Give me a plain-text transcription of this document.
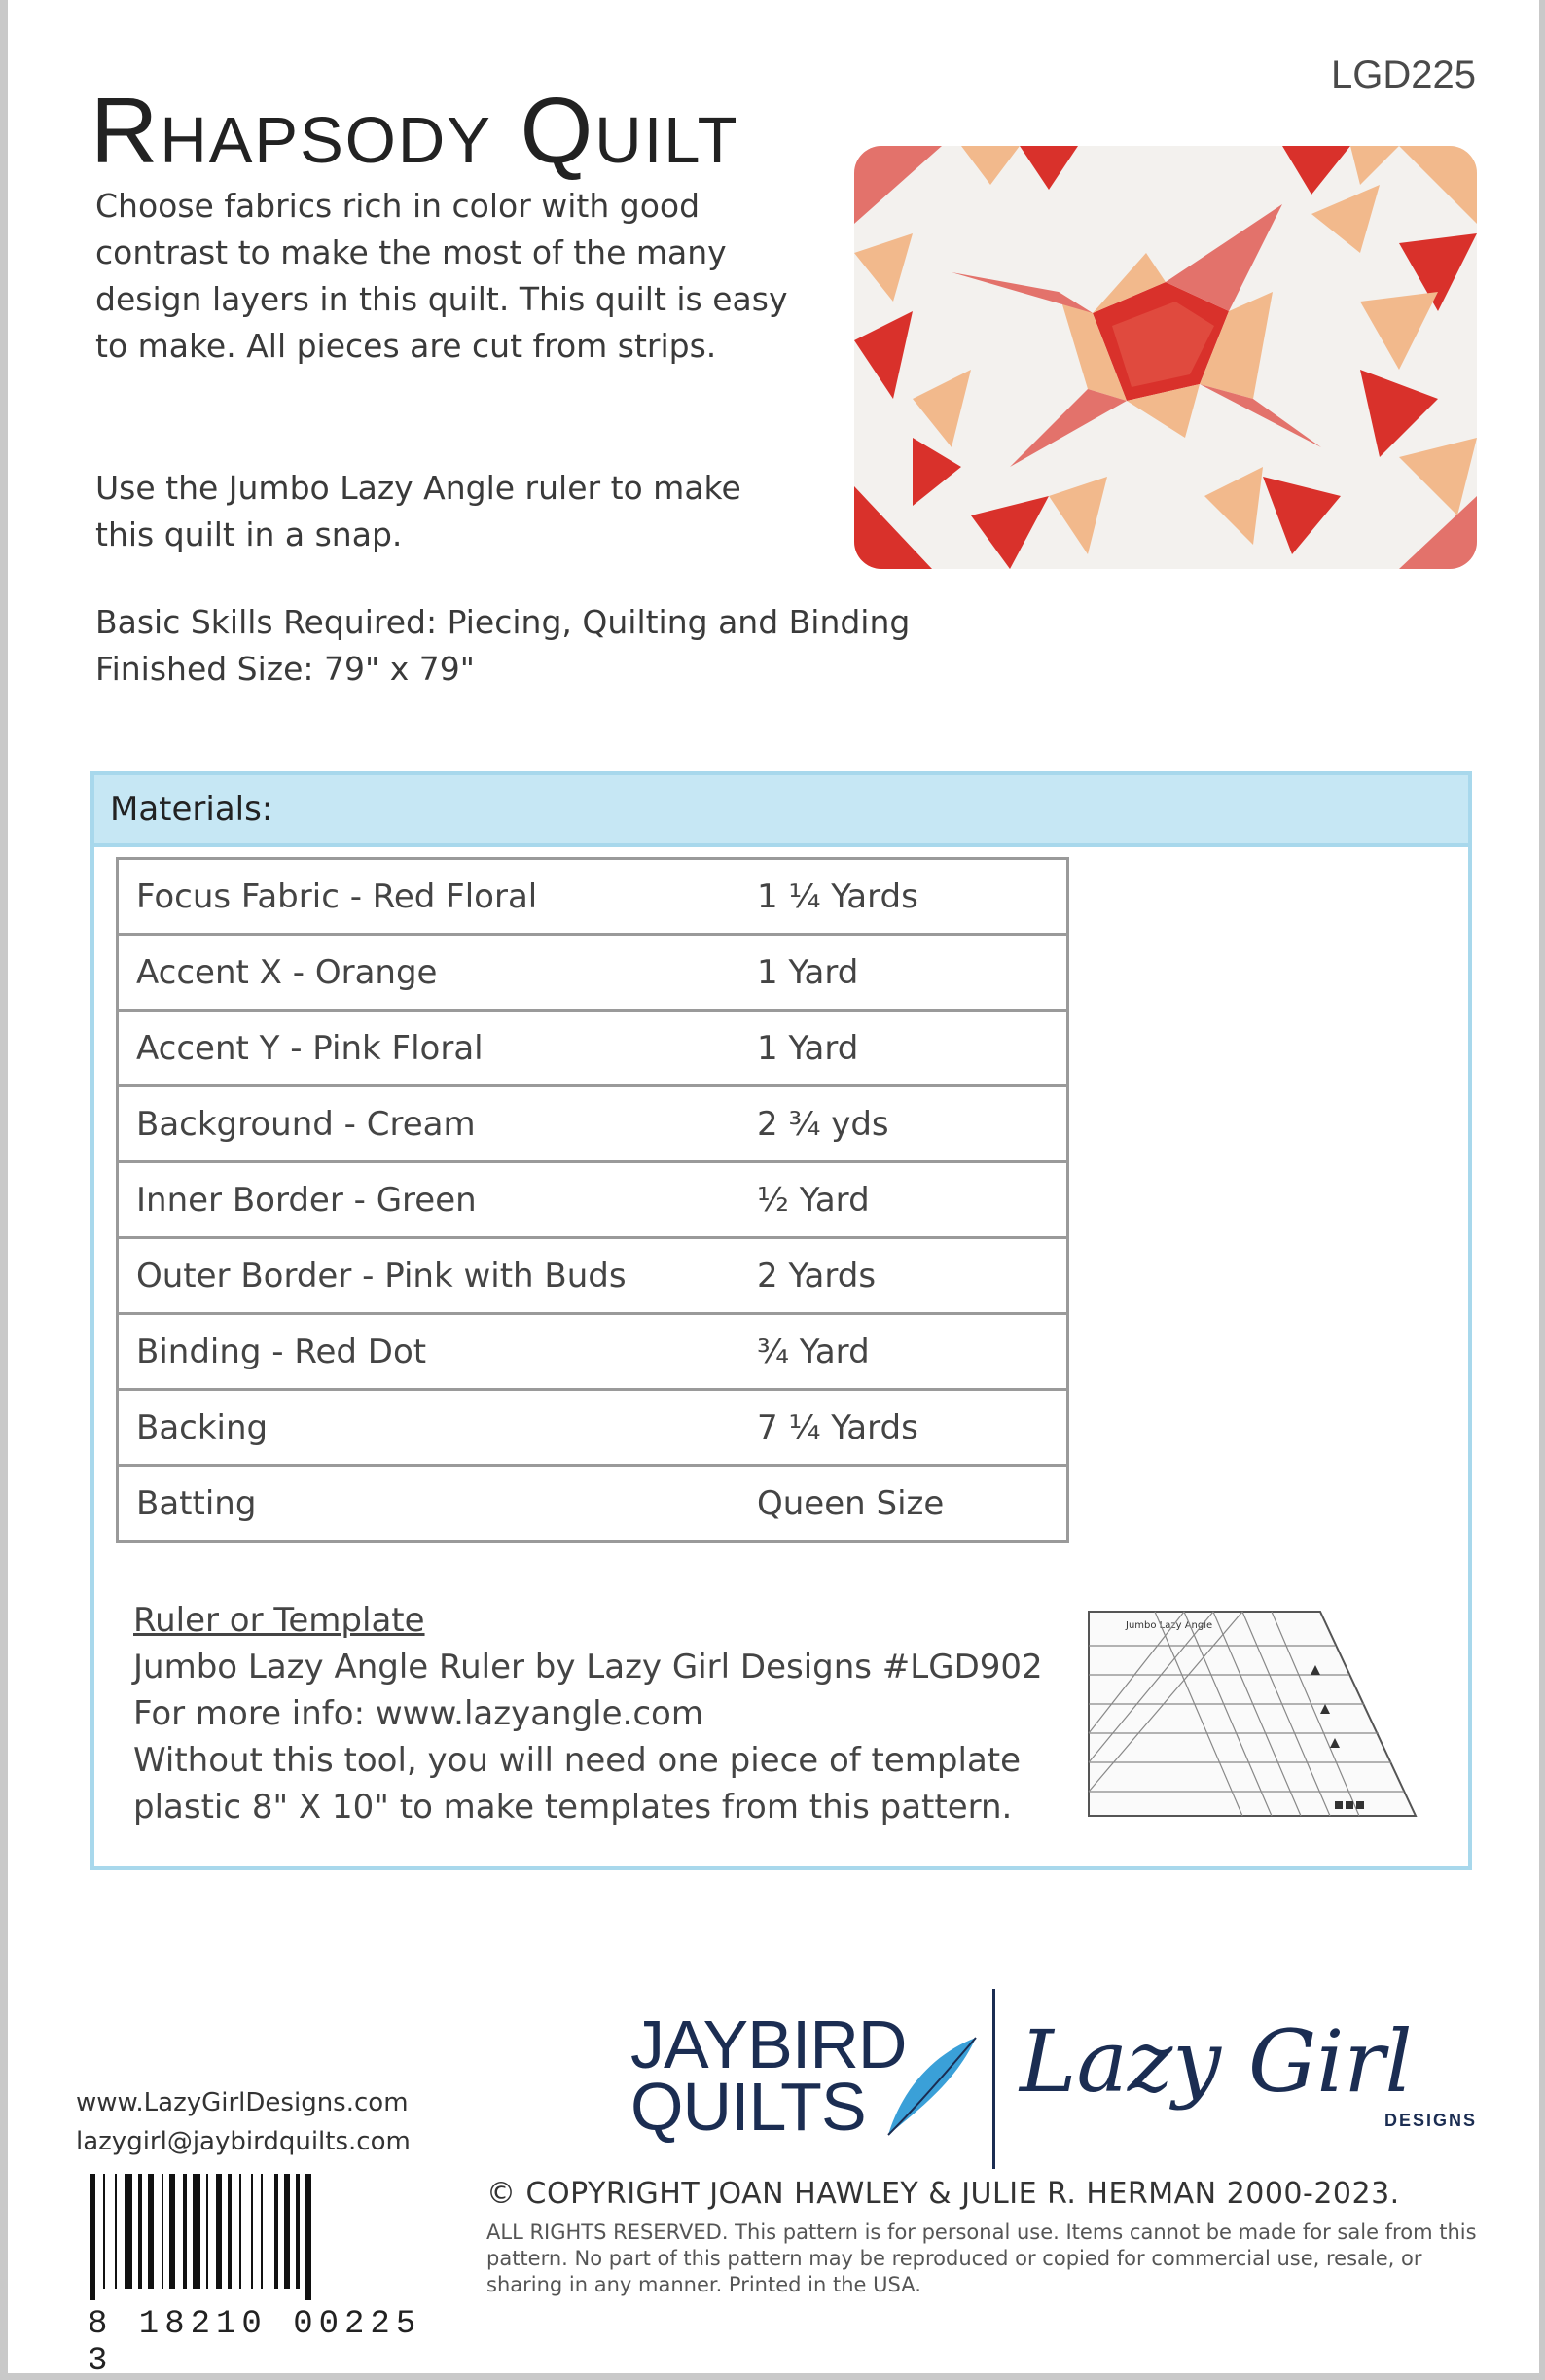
LGD225
Rhapsody Quilt

Choose fabrics rich in color with good contrast to make the most of the many design layers in this quilt. This quilt is easy to make. All pieces are cut from strips.

Use the Jumbo Lazy Angle ruler to make this quilt in a snap.

Basic Skills Required: Piecing, Quilting and Binding

Finished Size: 79" x 79"

Materials:
Focus Fabric - Red Floral	1 ¼ Yards
Accent X - Orange	1 Yard
Accent Y - Pink Floral	1 Yard
Background - Cream	2 ¾ yds
Inner Border - Green	½ Yard
Outer Border - Pink with Buds	2 Yards
Binding - Red Dot	¾ Yard
Backing	7 ¼ Yards
Batting	Queen Size
Ruler or Template
Jumbo Lazy Angle Ruler by Lazy Girl Designs #LGD902
For more info: www.lazyangle.com
Without this tool, you will need one piece of template plastic 8" X 10" to make templates from this pattern.
Jumbo Lazy Angle
JAYBIRD
QUILTS	Lazy Girl
DESIGNS
www.LazyGirlDesigns.com
lazygirl@jaybirdquilts.com
8 18210 00225 3
© COPYRIGHT JOAN HAWLEY & JULIE R. HERMAN 2000-2023.
ALL RIGHTS RESERVED. This pattern is for personal use. Items cannot be made for sale from this pattern. No part of this pattern may be reproduced or copied for commercial use, resale, or sharing in any manner. Printed in the USA.
